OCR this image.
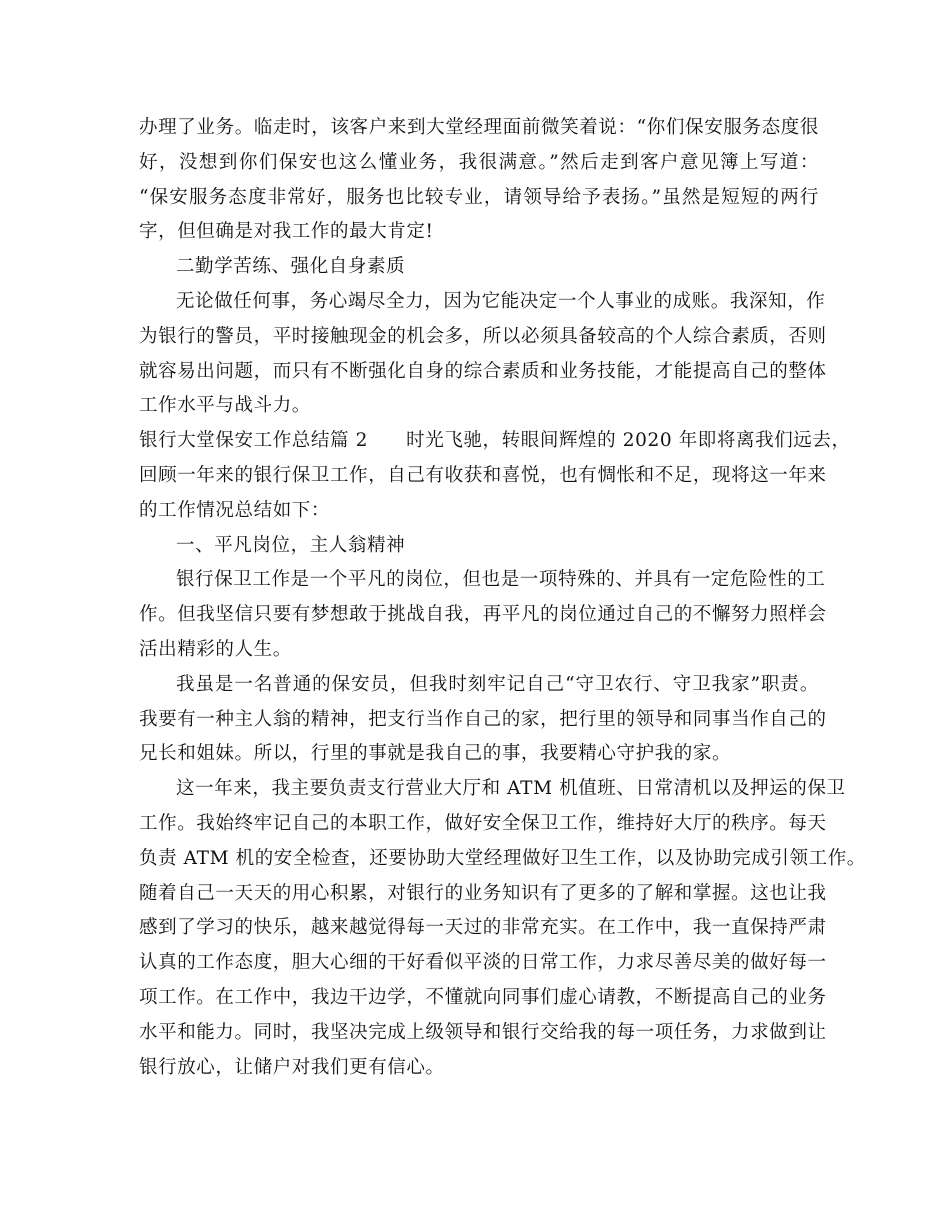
办理了业务。临走时，该客户来到大堂经理面前微笑着说：“你们保安服务态度很
好，没想到你们保安也这么懂业务，我很满意。”然后走到客户意见簿上写道：
“保安服务态度非常好，服务也比较专业，请领导给予表扬。”虽然是短短的两行
字，但但确是对我工作的最大肯定!
二勤学苦练、强化自身素质
无论做任何事，务心竭尽全力，因为它能决定一个人事业的成账。我深知，作
为银行的警员，平时接触现金的机会多，所以必须具备较高的个人综合素质，否则
就容易出问题，而只有不断强化自身的综合素质和业务技能，才能提高自己的整体
工作水平与战斗力。
银行大堂保安工作总结篇 2　　时光飞驰，转眼间辉煌的 2020 年即将离我们远去，
回顾一年来的银行保卫工作，自己有收获和喜悦，也有惆怅和不足，现将这一年来
的工作情况总结如下：
一、平凡岗位，主人翁精神
银行保卫工作是一个平凡的岗位，但也是一项特殊的、并具有一定危险性的工
作。但我坚信只要有梦想敢于挑战自我，再平凡的岗位通过自己的不懈努力照样会
活出精彩的人生。
我虽是一名普通的保安员，但我时刻牢记自己“守卫农行、守卫我家”职责。
我要有一种主人翁的精神，把支行当作自己的家，把行里的领导和同事当作自己的
兄长和姐妹。所以，行里的事就是我自己的事，我要精心守护我的家。
这一年来，我主要负责支行营业大厅和 ATM 机值班、日常清机以及押运的保卫
工作。我始终牢记自己的本职工作，做好安全保卫工作，维持好大厅的秩序。每天
负责 ATM 机的安全检查，还要协助大堂经理做好卫生工作，以及协助完成引领工作。
随着自己一天天的用心积累，对银行的业务知识有了更多的了解和掌握。这也让我
感到了学习的快乐，越来越觉得每一天过的非常充实。在工作中，我一直保持严肃
认真的工作态度，胆大心细的干好看似平淡的日常工作，力求尽善尽美的做好每一
项工作。在工作中，我边干边学，不懂就向同事们虚心请教，不断提高自己的业务
水平和能力。同时，我坚决完成上级领导和银行交给我的每一项任务，力求做到让
银行放心，让储户对我们更有信心。
